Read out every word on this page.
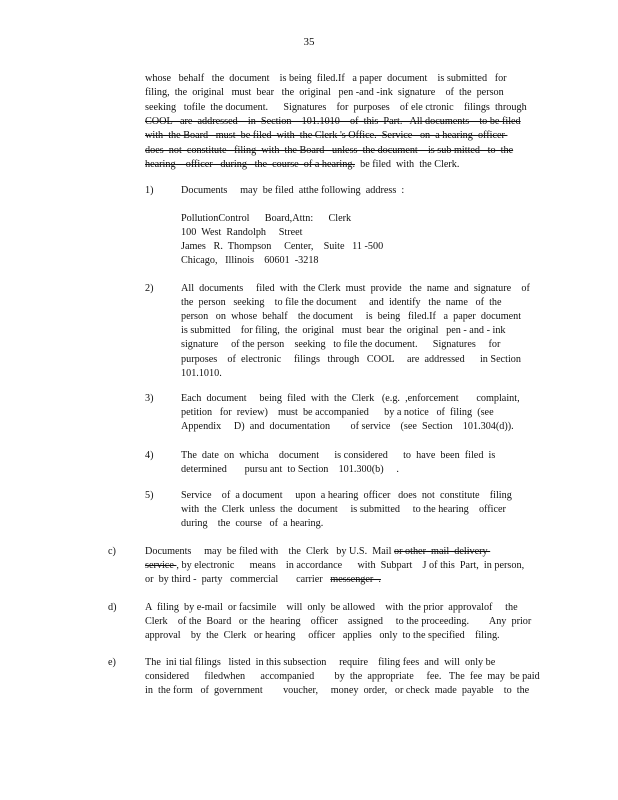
35
whose   behalf   the  document    is being  filed.If   a paper  document    is submitted   for
filing,  the  original   must  bear   the  original   pen -and -ink  signature    of  the  person
seeking   tofile  the document.      Signatures    for  purposes    of ele ctronic    filings  through
COOL   are  addressed    in  Section    101.1010    of  this  Part.   All documents    to be filed
with  the Board   must  be filed  with  the Clerk 's Office.  Service   on  a hearing  officer
does  not  constitute   filing  with  the Board   unless  the document    is sub mitted   to  the
hearing    officer   during   the  course  of a hearing.  be filed  with  the Clerk.
1)	Documents     may  be filed  atthe following  address  :
PollutionControl      Board,Attn:      Clerk
100  West  Randolph     Street
James   R.  Thompson     Center,    Suite   11 -500
Chicago,   Illinois    60601  -3218
2)	All  documents     filed  with  the Clerk  must  provide   the  name  and  signature    of
the  person   seeking    to file the document     and  identify   the  name   of  the
person   on  whose  behalf    the document     is  being   filed.If   a  paper  document
is submitted    for filing,  the  original   must  bear  the  original   pen - and - ink
signature     of the person    seeking   to file the document.      Signatures     for
purposes    of  electronic     filings   through   COOL     are  addressed      in Section
101.1010.
3)	Each  document     being  filed  with  the  Clerk   (e.g.  ,enforcement       complaint,
petition   for  review)    must  be accompanied      by a notice   of  filing  (see
Appendix     D)  and  documentation        of service    (see  Section    101.304(d)).
4)	The  date  on  whicha    document      is considered      to  have  been  filed  is
determined       pursu ant  to Section    101.300(b)     .
5)	Service    of  a document     upon  a hearing  officer   does  not  constitute    filing
with  the  Clerk  unless  the  document     is submitted     to the hearing    officer
during    the  course   of  a hearing.
c)	Documents     may  be filed with    the  Clerk   by U.S.  Mail or other  mail  delivery
service , by electronic      means    in accordance      with  Subpart    J of this  Part,  in person,
or  by third -  party   commercial       carrier   messenger  .
d)	A  filing  by e-mail  or facsimile    will  only  be allowed    with  the prior  approvalof     the
Clerk    of the  Board   or  the  hearing    officer    assigned     to the proceeding.        Any  prior
approval    by  the  Clerk   or hearing     officer   applies   only  to the specified    filing.
e)	The  ini tial filings   listed  in this subsection     require    filing fees  and  will  only be
considered      filedwhen      accompanied        by  the  appropriate     fee.   The  fee  may  be paid
in  the form   of  government        voucher,     money  order,   or check  made  payable    to  the
